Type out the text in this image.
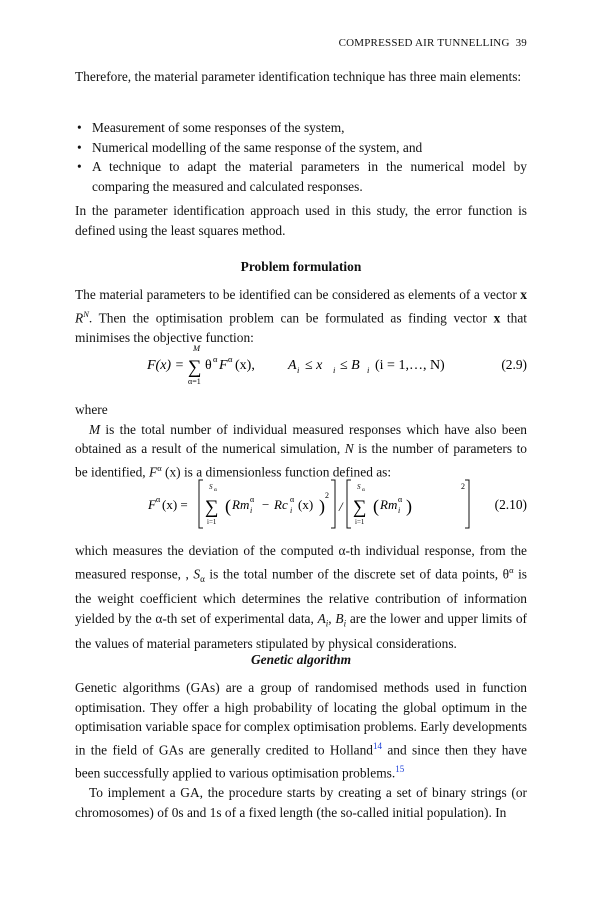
COMPRESSED AIR TUNNELLING 39

Therefore, the material parameter identification technique has three main elements:

• Measurement of some responses of the system,
• Numerical modelling of the same response of the system, and
• A technique to adapt the material parameters in the numerical model by comparing the measured and calculated responses.

In the parameter identification approach used in this study, the error function is defined using the least squares method.

Problem formulation

The material parameters to be identified can be considered as elements of a vector x $R^N$. Then the optimisation problem can be formulated as finding vector x that minimises the objective function:

F(x) =
M
∑
α=1
θ α F α (x), A i ≤ x i ≤ B i (i = 1,…, N)	(2.9)

where

M is the total number of individual measured responses which have also been obtained as a result of the numerical simulation, N is the number of parameters to be identified, $F^\alpha$ (x) is a dimensionless function defined as:

F α (x) =
S α
∑
i=1
( Rm α
i − Rc α
i (x) )
2
/
S α
∑
i=1
( Rm α
i )
2
(2.10)

which measures the deviation of the computed α-th individual response, from the measured response, , $S_\alpha$ is the total number of the discrete set of data points, $\theta^\alpha$ is the weight coefficient which determines the relative contribution of information yielded by the α-th set of experimental data, $A_i$, $B_i$ are the lower and upper limits of the values of material parameters stipulated by physical considerations.

Genetic algorithm

Genetic algorithms (GAs) are a group of randomised methods used in function optimisation. They offer a high probability of locating the global optimum in the optimisation variable space for complex optimisation problems. Early developments in the field of GAs are generally credited to Holland$^{14}$ and since then they have been successfully applied to various optimisation problems.$^{15}$

To implement a GA, the procedure starts by creating a set of binary strings (or chromosomes) of 0s and 1s of a fixed length (the so-called initial population). In
